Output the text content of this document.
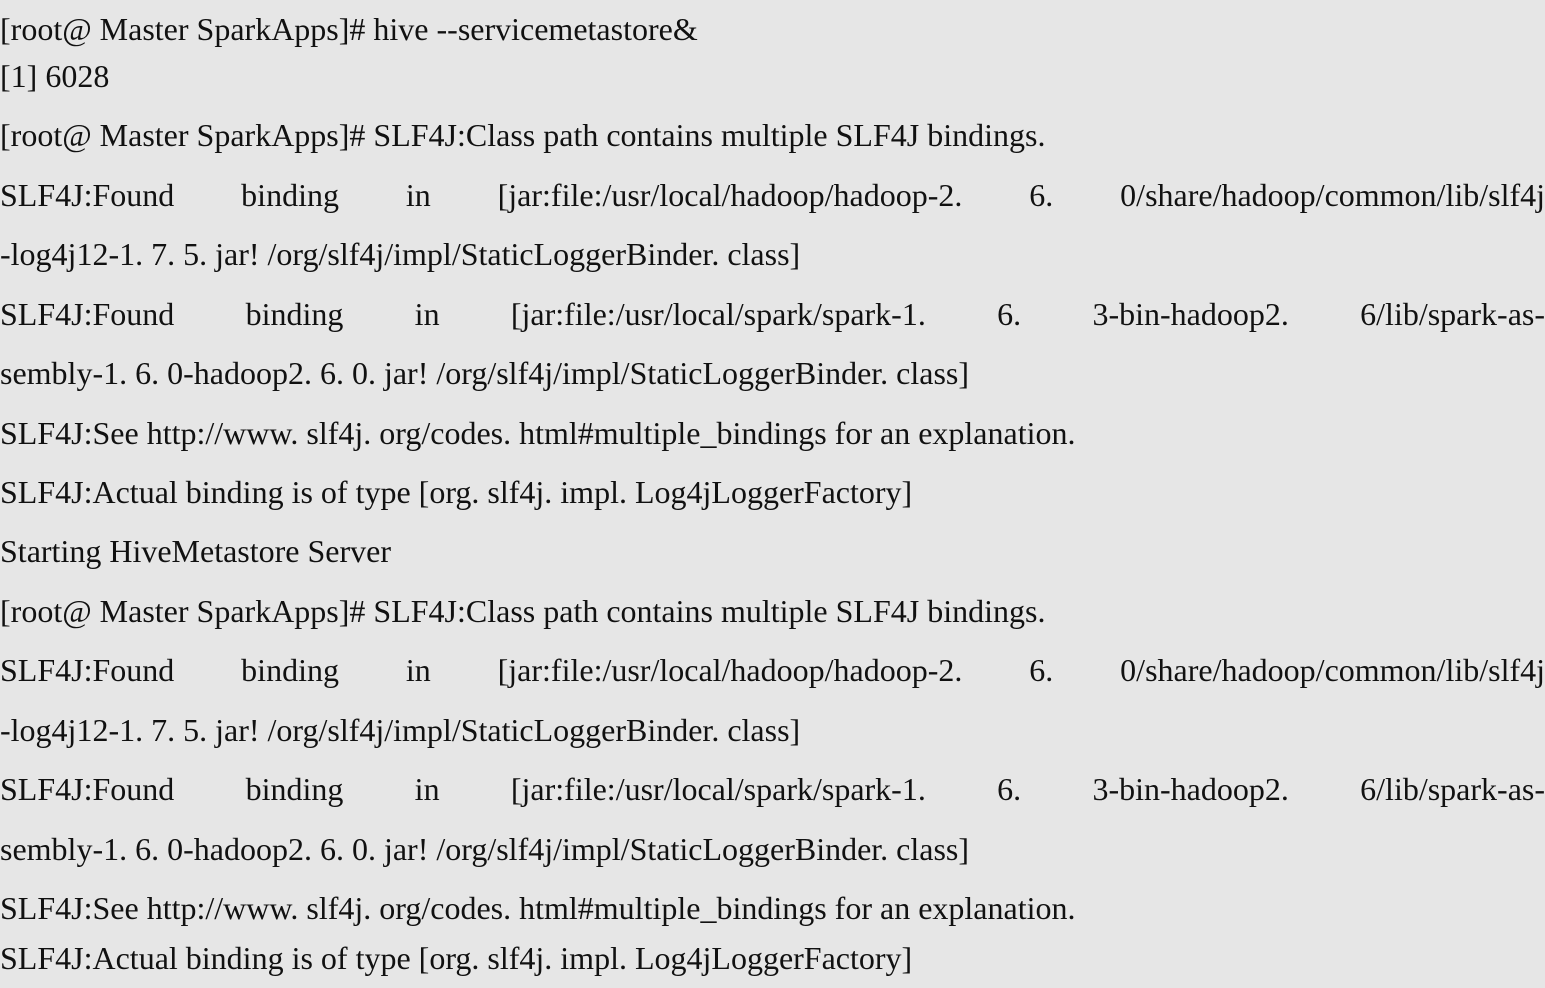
[root@ Master SparkApps]# hive --servicemetastore&
[1] 6028
[root@ Master SparkApps]# SLF4J:Class path contains multiple SLF4J bindings.
SLF4J:Found binding in [jar:file:/usr/local/hadoop/hadoop-2. 6. 0/share/hadoop/common/lib/slf4j
-log4j12-1. 7. 5. jar! /org/slf4j/impl/StaticLoggerBinder. class]
SLF4J:Found binding in [jar:file:/usr/local/spark/spark-1. 6. 3-bin-hadoop2. 6/lib/spark-as-
sembly-1. 6. 0-hadoop2. 6. 0. jar! /org/slf4j/impl/StaticLoggerBinder. class]
SLF4J:See http://www. slf4j. org/codes. html#multiple_bindings for an explanation.
SLF4J:Actual binding is of type [org. slf4j. impl. Log4jLoggerFactory]
Starting HiveMetastore Server
[root@ Master SparkApps]# SLF4J:Class path contains multiple SLF4J bindings.
SLF4J:Found binding in [jar:file:/usr/local/hadoop/hadoop-2. 6. 0/share/hadoop/common/lib/slf4j
-log4j12-1. 7. 5. jar! /org/slf4j/impl/StaticLoggerBinder. class]
SLF4J:Found binding in [jar:file:/usr/local/spark/spark-1. 6. 3-bin-hadoop2. 6/lib/spark-as-
sembly-1. 6. 0-hadoop2. 6. 0. jar! /org/slf4j/impl/StaticLoggerBinder. class]
SLF4J:See http://www. slf4j. org/codes. html#multiple_bindings for an explanation.
SLF4J:Actual binding is of type [org. slf4j. impl. Log4jLoggerFactory]
